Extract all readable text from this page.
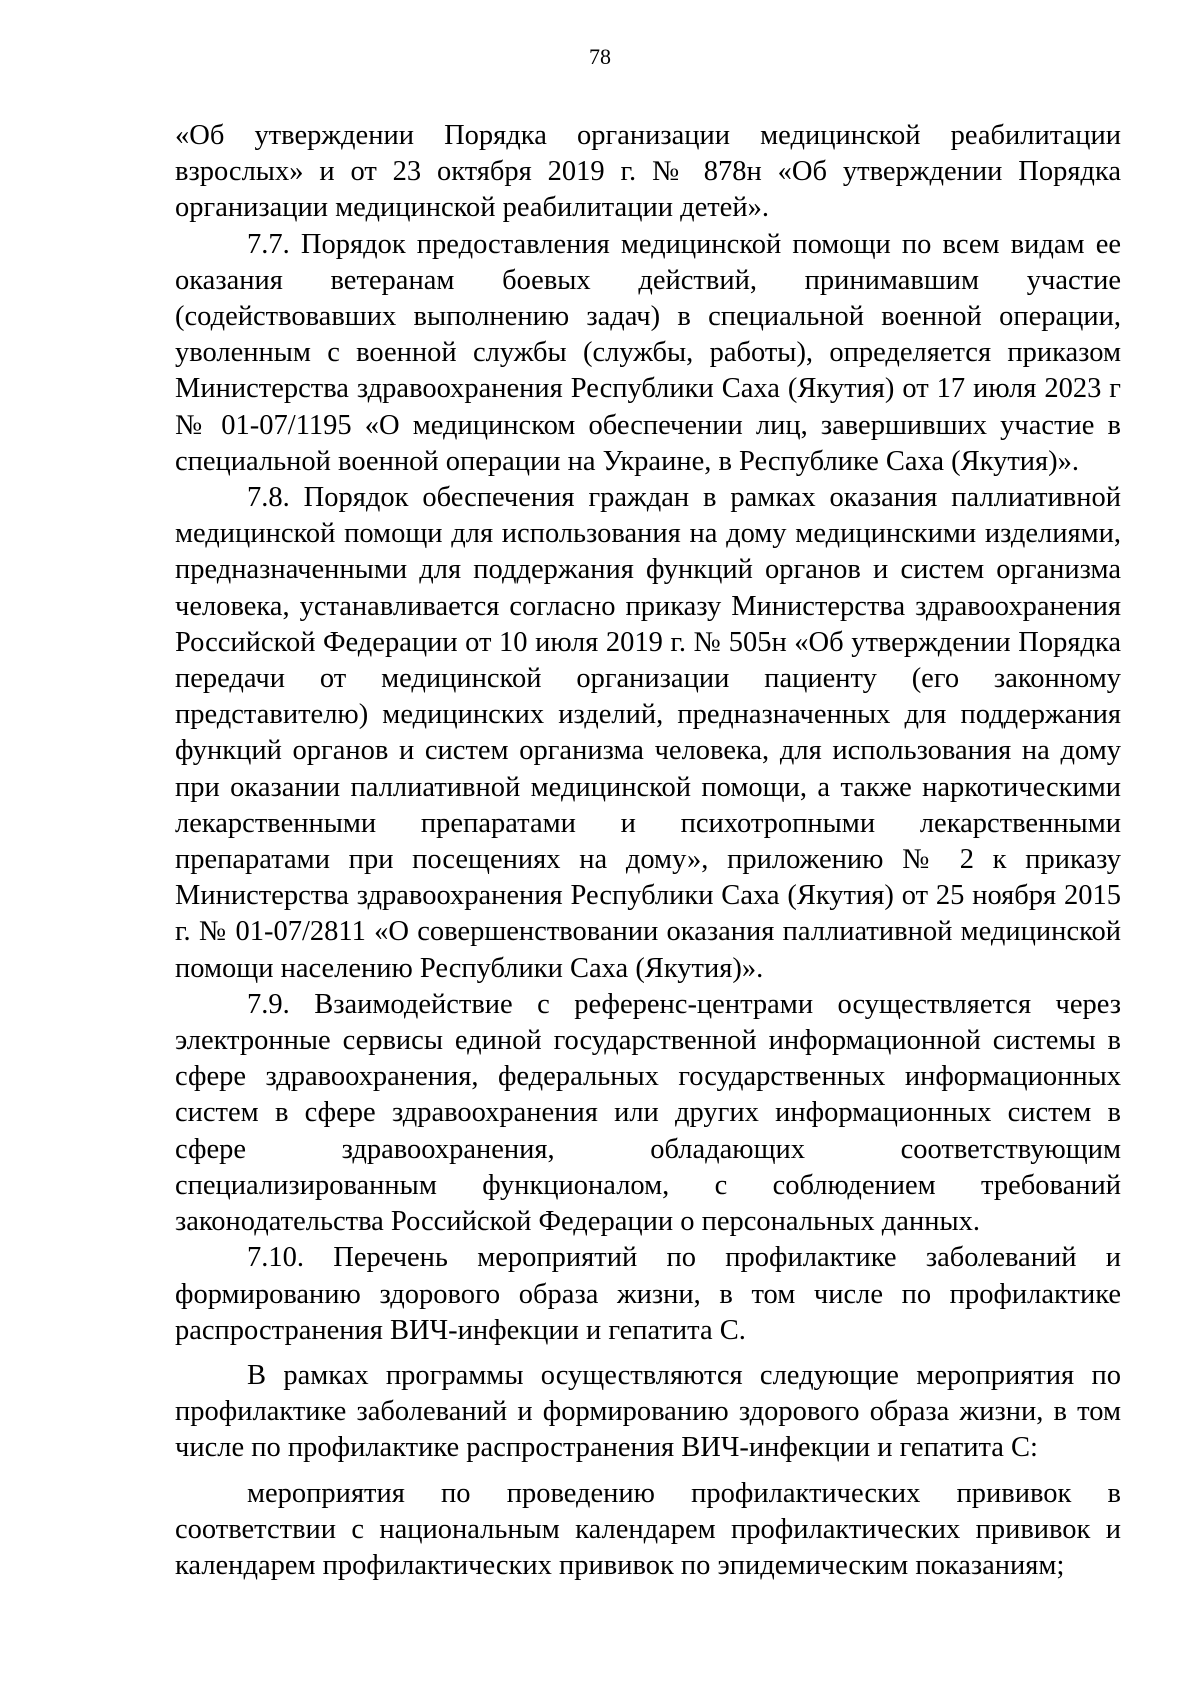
78

«Об утверждении Порядка организации медицинской реабилитации взрослых» и от 23 октября 2019 г. № 878н «Об утверждении Порядка организации медицинской реабилитации детей».

7.7. Порядок предоставления медицинской помощи по всем видам ее оказания ветеранам боевых действий, принимавшим участие (содействовавших выполнению задач) в специальной военной операции, уволенным с военной службы (службы, работы), определяется приказом Министерства здравоохранения Республики Саха (Якутия) от 17 июля 2023 г № 01-07/1195 «О медицинском обеспечении лиц, завершивших участие в специальной военной операции на Украине, в Республике Саха (Якутия)».

7.8. Порядок обеспечения граждан в рамках оказания паллиативной медицинской помощи для использования на дому медицинскими изделиями, предназначенными для поддержания функций органов и систем организма человека, устанавливается согласно приказу Министерства здравоохранения Российской Федерации от 10 июля 2019 г. № 505н «Об утверждении Порядка передачи от медицинской организации пациенту (его законному представителю) медицинских изделий, предназначенных для поддержания функций органов и систем организма человека, для использования на дому при оказании паллиативной медицинской помощи, а также наркотическими лекарственными препаратами и психотропными лекарственными препаратами при посещениях на дому», приложению № 2 к приказу Министерства здравоохранения Республики Саха (Якутия) от 25 ноября 2015 г. № 01-07/2811 «О совершенствовании оказания паллиативной медицинской помощи населению Республики Саха (Якутия)».

7.9. Взаимодействие с референс-центрами осуществляется через электронные сервисы единой государственной информационной системы в сфере здравоохранения, федеральных государственных информационных систем в сфере здравоохранения или других информационных систем в сфере здравоохранения, обладающих соответствующим специализированным функционалом, с соблюдением требований законодательства Российской Федерации о персональных данных.

7.10. Перечень мероприятий по профилактике заболеваний и формированию здорового образа жизни, в том числе по профилактике распространения ВИЧ-инфекции и гепатита С.

В рамках программы осуществляются следующие мероприятия по профилактике заболеваний и формированию здорового образа жизни, в том числе по профилактике распространения ВИЧ-инфекции и гепатита С:

мероприятия по проведению профилактических прививок в соответствии с национальным календарем профилактических прививок и календарем профилактических прививок по эпидемическим показаниям;
